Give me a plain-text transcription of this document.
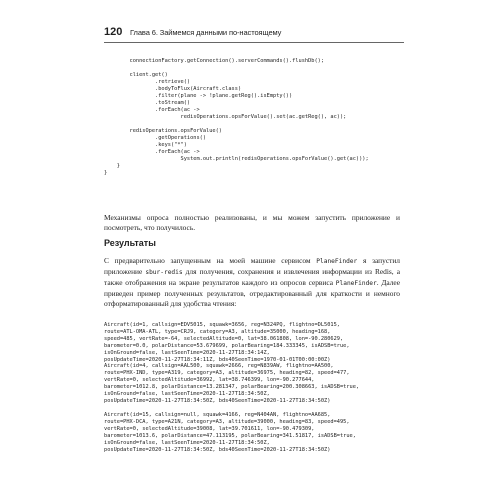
120 Глава 6. Займемся данными по-настоящему
connectionFactory.getConnection().serverCommands().flushDb();

client.get()
.retrieve()
.bodyToFlux(Aircraft.class)
.filter(plane -> !plane.getReg().isEmpty())
.toStream()
.forEach(ac ->
redisOperations.opsForValue().set(ac.getReg(), ac));

redisOperations.opsForValue()
.getOperations()
.keys("*")
.forEach(ac ->
System.out.println(redisOperations.opsForValue().get(ac)));
}
}

Механизмы опроса полностью реализованы, и мы можем запустить приложение и посмотреть, что получилось.

Результаты

С предварительно запущенным на моей машине сервисом PlaneFinder я запустил приложение sbur-redis для получения, сохранения и извлечения информации из Redis, а также отображения на экране результатов каждого из опросов сервиса PlaneFinder. Далее приведен пример полученных результатов, отредактированный для краткости и немного отформатированный для удобства чтения:

Aircraft(id=1, callsign=EDV5015, squawk=3656, reg=N324PQ, flightno=DL5015,
route=ATL-OMA-ATL, type=CRJ9, category=A3, altitude=35000, heading=168,
speed=485, vertRate=-64, selectedAltitude=0, lat=38.061808, lon=-90.280629,
barometer=0.0, polarDistance=53.679699, polarBearing=184.333345, isADSB=true,
isOnGround=false, lastSeenTime=2020-11-27T18:34:14Z,
posUpdateTime=2020-11-27T18:34:11Z, bds40SeenTime=1970-01-01T00:00:00Z)
Aircraft(id=4, callsign=AAL500, squawk=2666, reg=N839AW, flightno=AA500,
route=PHX-IND, type=A319, category=A3, altitude=36975, heading=82, speed=477,
vertRate=0, selectedAltitude=36992, lat=38.746399, lon=-90.277644,
barometer=1012.8, polarDistance=13.281347, polarBearing=200.308663, isADSB=true,
isOnGround=false, lastSeenTime=2020-11-27T18:34:50Z,
posUpdateTime=2020-11-27T18:34:50Z, bds40SeenTime=2020-11-27T18:34:50Z)
Aircraft(id=15, callsign=null, squawk=4166, reg=N404AN, flightno=AA685,
route=PHX-DCA, type=A21N, category=A3, altitude=39000, heading=83, speed=495,
vertRate=0, selectedAltitude=39008, lat=39.701611, lon=-90.479309,
barometer=1013.6, polarDistance=47.113195, polarBearing=341.51817, isADSB=true,
isOnGround=false, lastSeenTime=2020-11-27T18:34:50Z,
posUpdateTime=2020-11-27T18:34:50Z, bds40SeenTime=2020-11-27T18:34:50Z)
